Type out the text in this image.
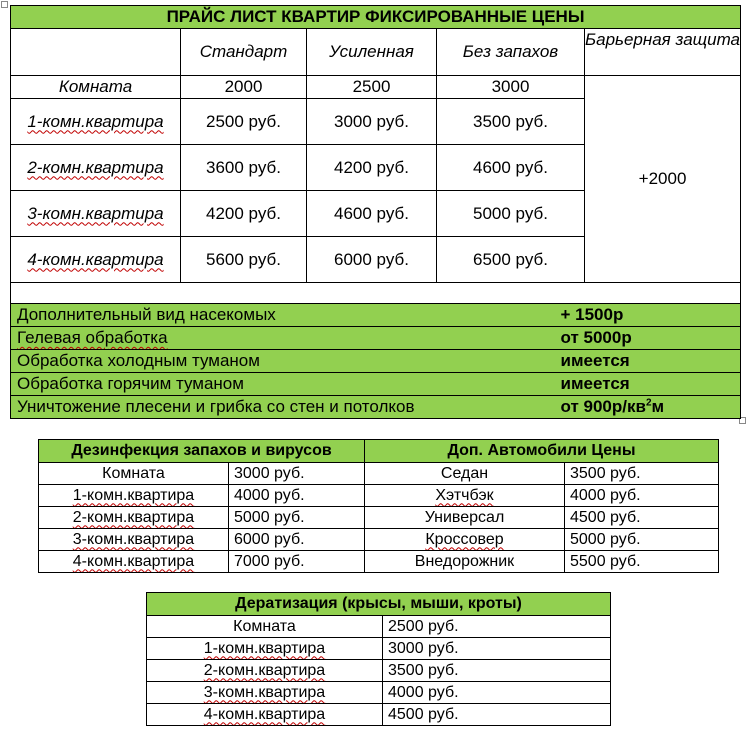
ПРАЙС ЛИСТ КВАРТИР ФИКСИРОВАННЫЕ ЦЕНЫ				
	Стандарт	Усиленная	Без запахов	Барьерная защита
Комната	2000	2500	3000	+2000
1-комн.квартира	2500 руб.	3000 руб.	3500 руб.	
2-комн.квартира	3600 руб.	4200 руб.	4600 руб.	
3-комн.квартира	4200 руб.	4600 руб.	5000 руб.	
4-комн.квартира	5600 руб.	6000 руб.	6500 руб.	

Дополнительный вид насекомых			+ 1500р	
Гелевая обработка			от 5000р	
Обработка холодным туманом			имеется	
Обработка горячим туманом			имеется	
Уничтожение плесени и грибка со стен и потолков			от $900р/кв^2м$	
Дезинфекция запахов и вирусов		Доп. Автомобили Цены	
Комната	3000 руб.	Седан	3500 руб.
1-комн.квартира	4000 руб.	Хэтчбэк	4000 руб.
2-комн.квартира	5000 руб.	Универсал	4500 руб.
3-комн.квартира	6000 руб.	Кроссовер	5000 руб.
4-комн.квартира	7000 руб.	Внедорожник	5500 руб.
Дератизация (крысы, мыши, кроты)	
Комната	2500 руб.
1-комн.квартира	3000 руб.
2-комн.квартира	3500 руб.
3-комн.квартира	4000 руб.
4-комн.квартира	4500 руб.
